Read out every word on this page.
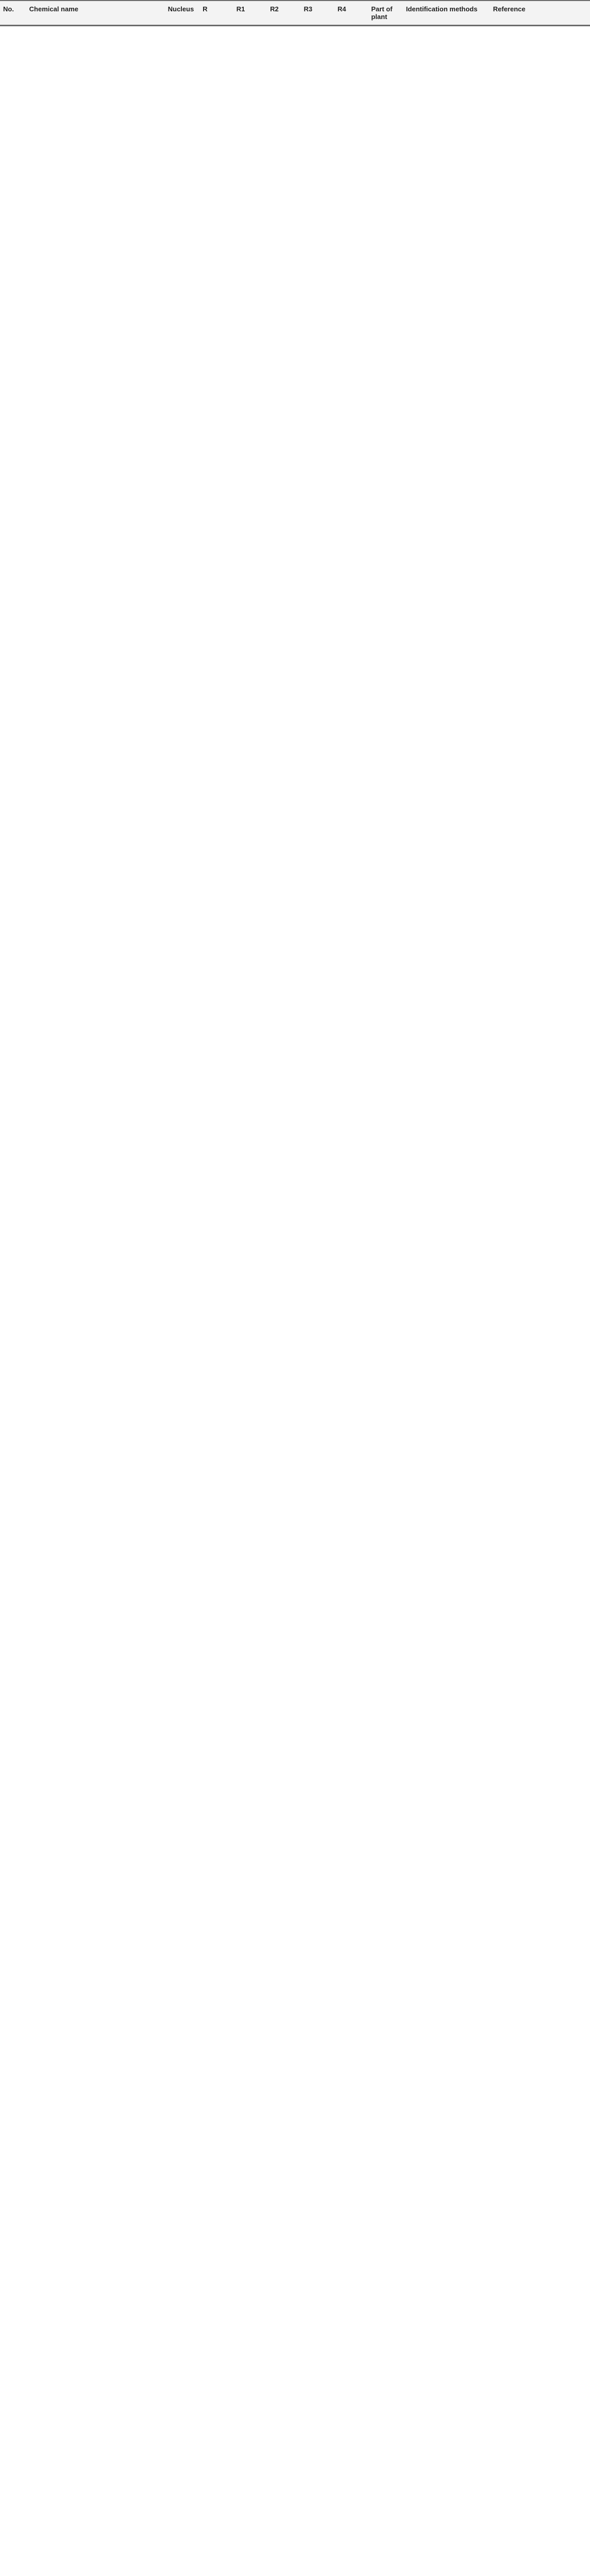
No.	Chemical name	Nucleus	R	R1	R2	R3	R4	Part of plant	Identification methods	Reference
